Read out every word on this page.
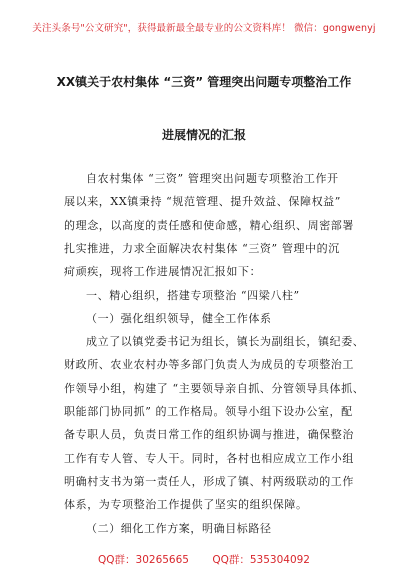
关注头条号"公文研究"，获得最新最全最专业的公文资料库！ 微信：gongwenyj
XX镇关于农村集体 “三资” 管理突出问题专项整治工作
进展情况的汇报
自农村集体 “三资” 管理突出问题专项整治工作开
展以来，XX镇秉持 “规范管理、提升效益、保障权益”
的理念，以高度的责任感和使命感，精心组织、周密部署
扎实推进，力求全面解决农村集体 “三资” 管理中的沉
疴顽疾，现将工作进展情况汇报如下：
一、精心组织，搭建专项整治 “四梁八柱”
（一）强化组织领导，健全工作体系
成立了以镇党委书记为组长，镇长为副组长，镇纪委、
财政所、农业农村办等多部门负责人为成员的专项整治工
作领导小组，构建了 “主要领导亲自抓、分管领导具体抓、
职能部门协同抓” 的工作格局。领导小组下设办公室，配
备专职人员，负责日常工作的组织协调与推进，确保整治
工作有专人管、专人干。同时，各村也相应成立工作小组
明确村支书为第一责任人，形成了镇、村两级联动的工作
体系，为专项整治工作提供了坚实的组织保障。
QQ群：30265665 QQ群：535304092
（二）细化工作方案，明确目标路径
